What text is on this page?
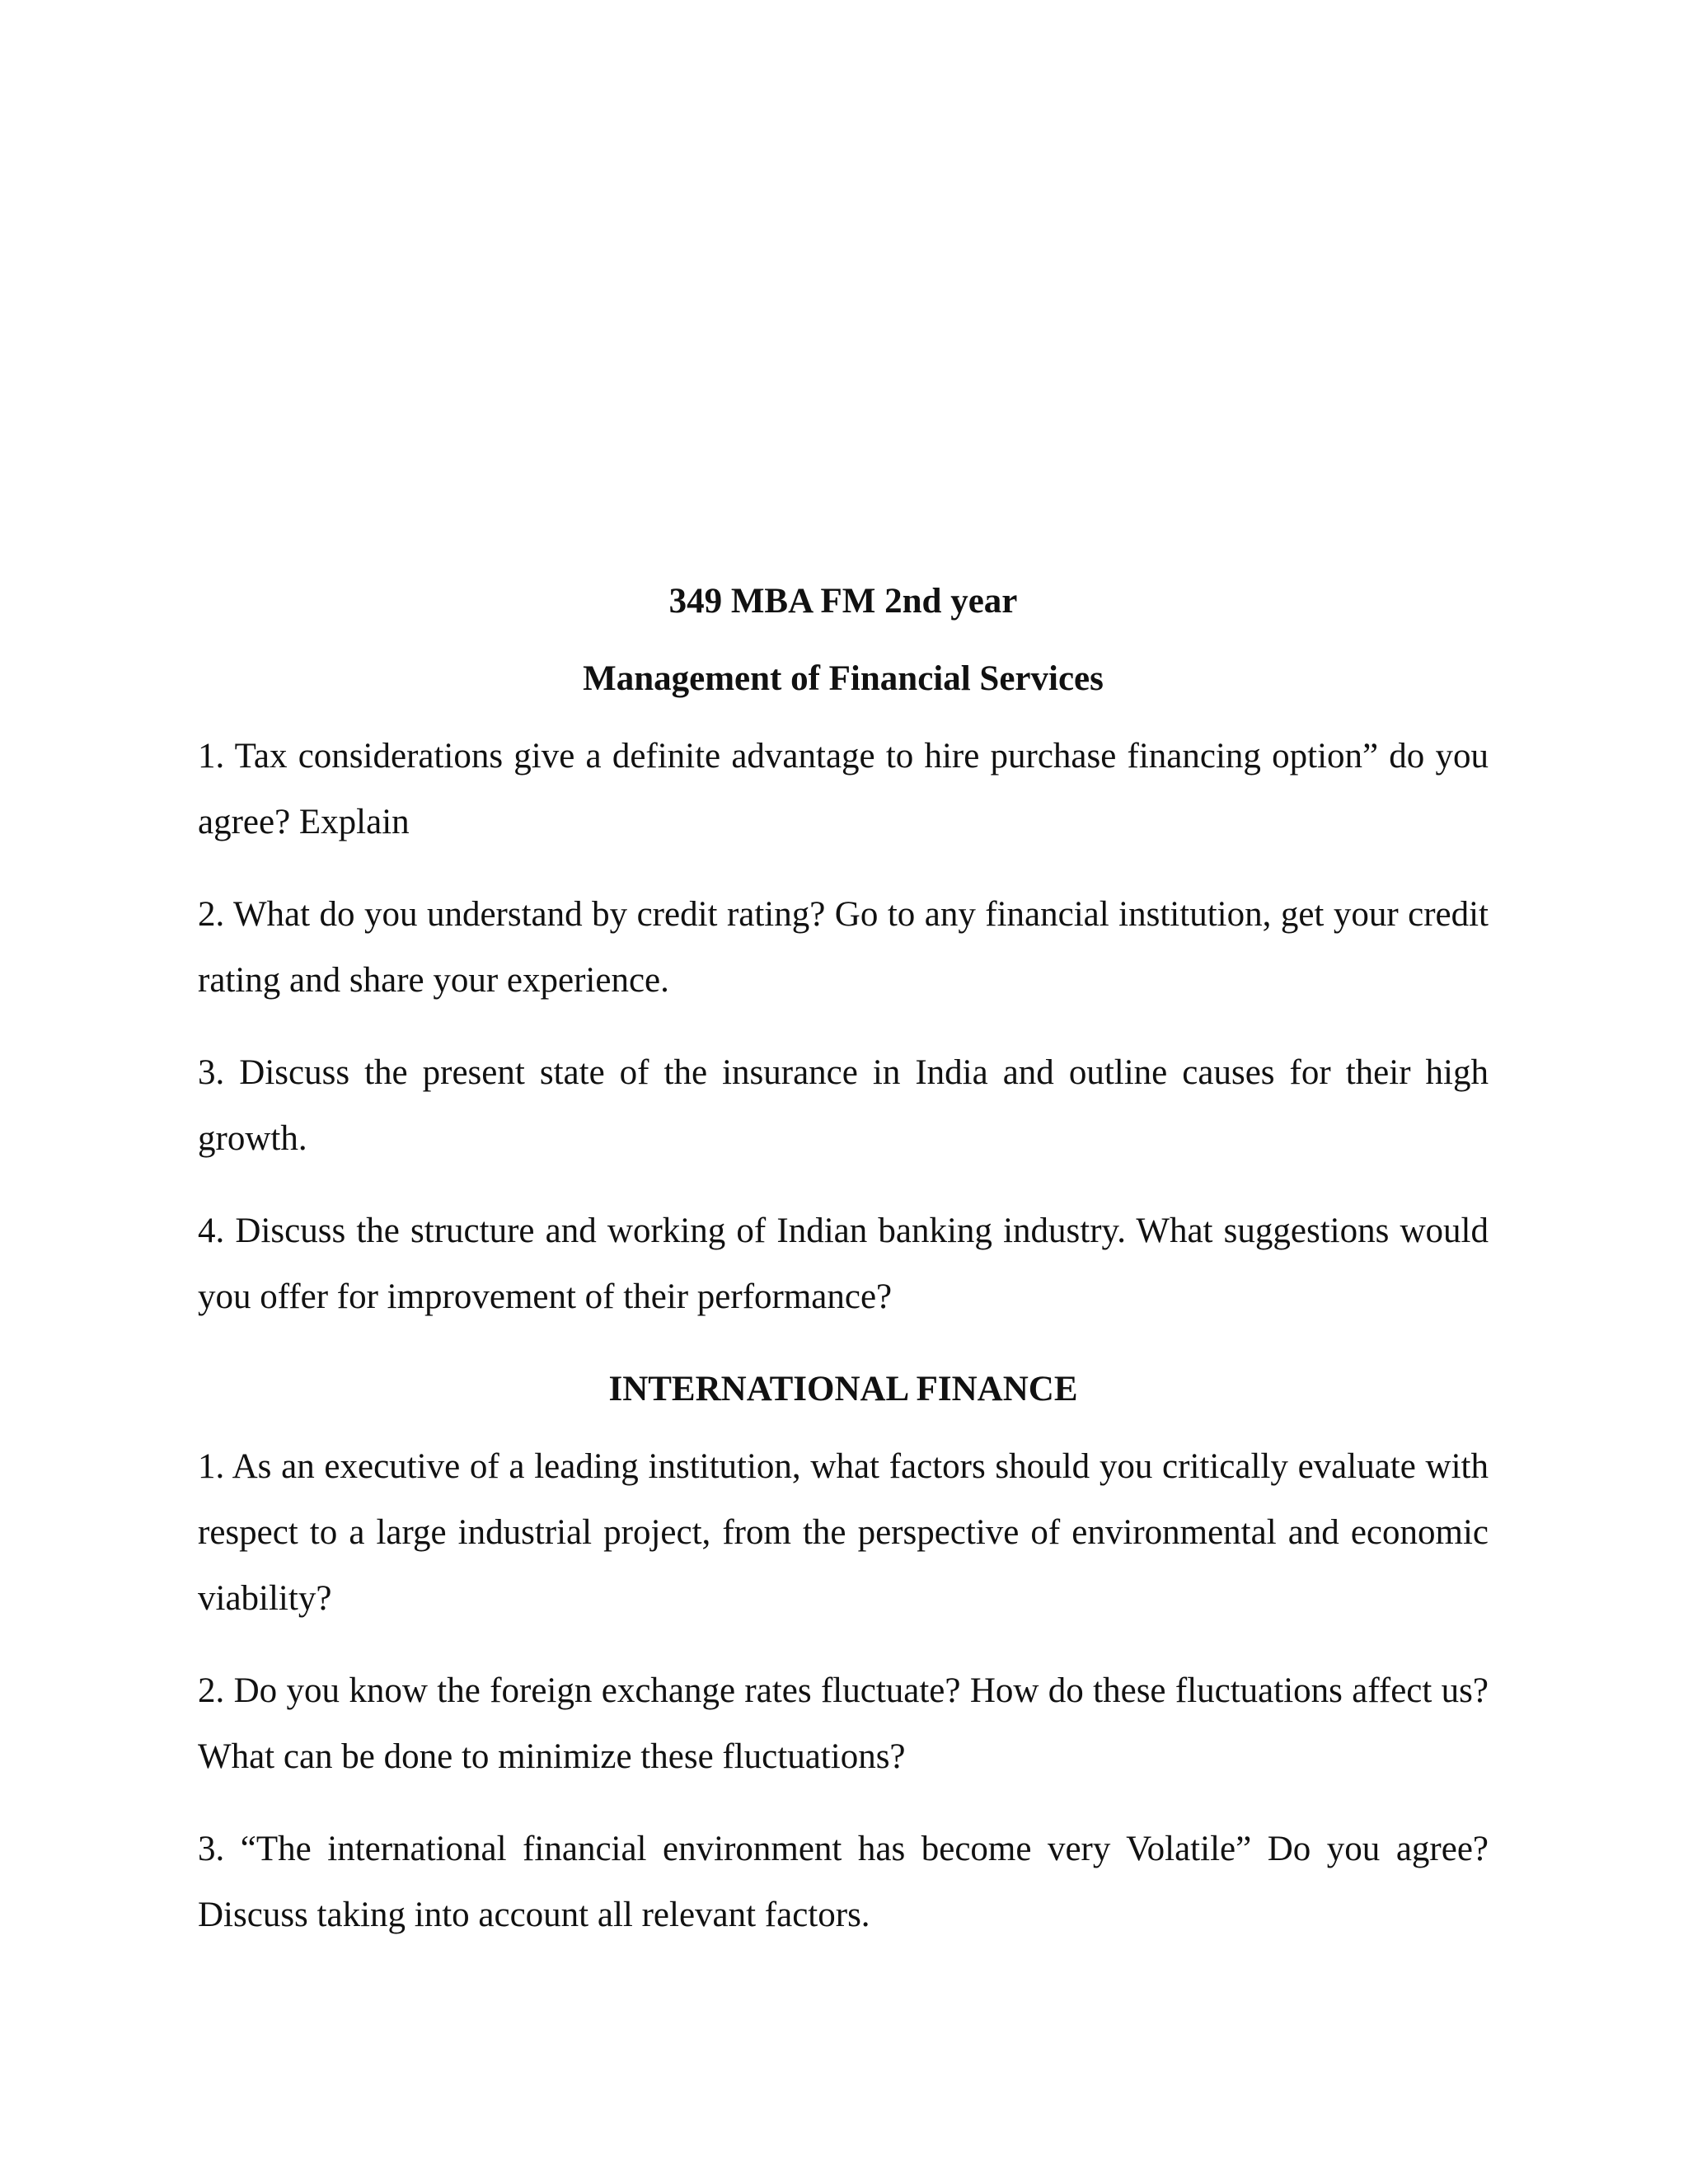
349 MBA FM 2nd year
Management of Financial Services

1. Tax considerations give a definite advantage to hire purchase financing option” do you agree? Explain

2. What do you understand by credit rating? Go to any financial institution, get your credit rating and share your experience.

3. Discuss the present state of the insurance in India and outline causes for their high growth.

4. Discuss the structure and working of Indian banking industry. What suggestions would you offer for improvement of their performance?

INTERNATIONAL FINANCE

1. As an executive of a leading institution, what factors should you critically evaluate with respect to a large industrial project, from the perspective of environmental and economic viability?

2. Do you know the foreign exchange rates fluctuate? How do these fluctuations affect us? What can be done to minimize these fluctuations?

3. “The international financial environment has become very Volatile” Do you agree? Discuss taking into account all relevant factors.
